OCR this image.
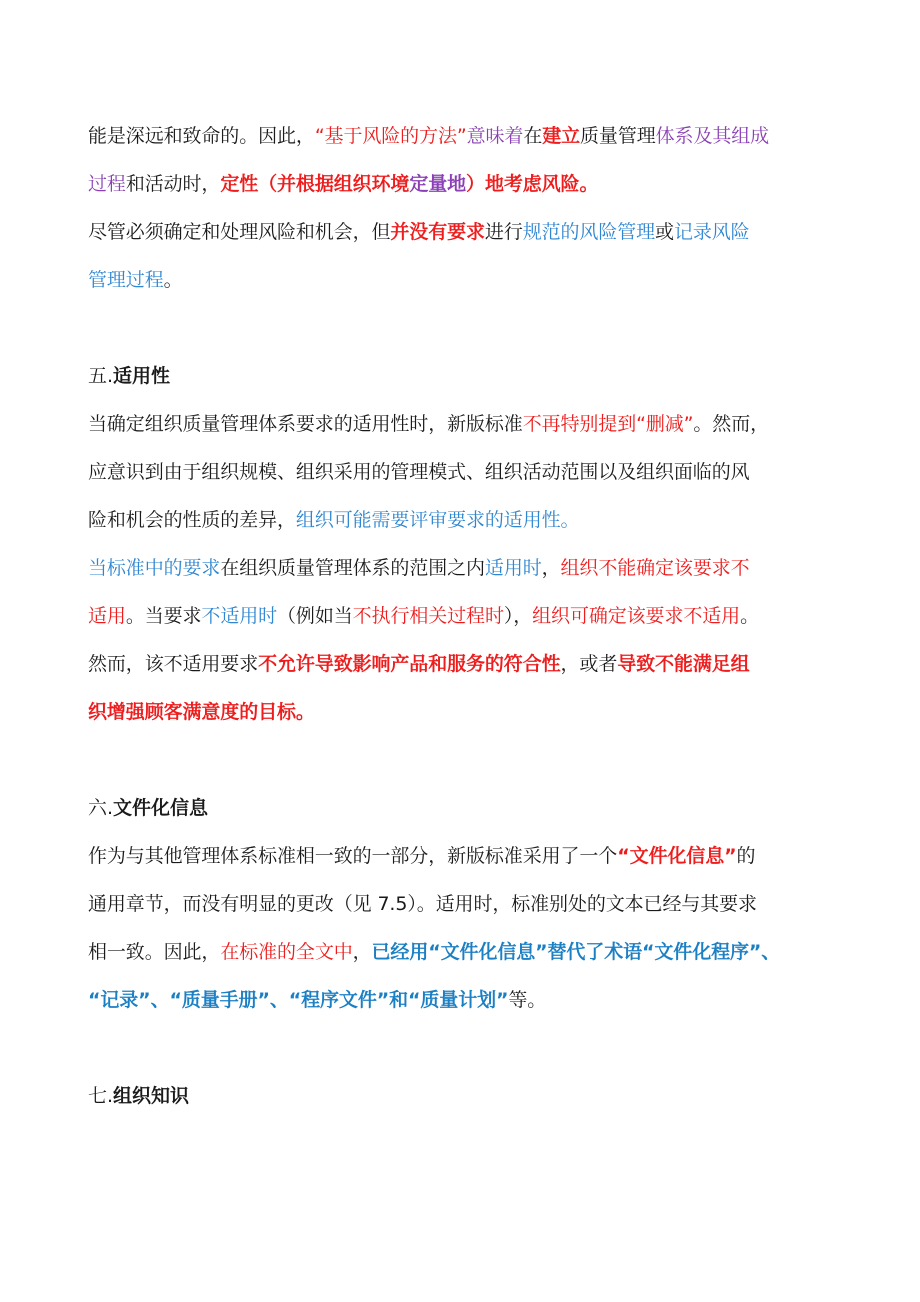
能是深远和致命的。因此，“基于风险的方法”意味着在建立质量管理体系及其组成
过程和活动时，定性（并根据组织环境定量地）地考虑风险。
尽管必须确定和处理风险和机会，但并没有要求进行规范的风险管理或记录风险
管理过程。
五.适用性
当确定组织质量管理体系要求的适用性时，新版标准不再特别提到“删减”。然而，
应意识到由于组织规模、组织采用的管理模式、组织活动范围以及组织面临的风
险和机会的性质的差异，组织可能需要评审要求的适用性。
当标准中的要求在组织质量管理体系的范围之内适用时，组织不能确定该要求不
适用。当要求不适用时（例如当不执行相关过程时），组织可确定该要求不适用。
然而，该不适用要求不允许导致影响产品和服务的符合性，或者导致不能满足组
织增强顾客满意度的目标。
六.文件化信息
作为与其他管理体系标准相一致的一部分，新版标准采用了一个“文件化信息”的
通用章节，而没有明显的更改（见 7.5）。适用时，标准别处的文本已经与其要求
相一致。因此，在标准的全文中，已经用“文件化信息”替代了术语“文件化程序”、
“记录”、“质量手册”、“程序文件”和“质量计划”等。
七.组织知识
